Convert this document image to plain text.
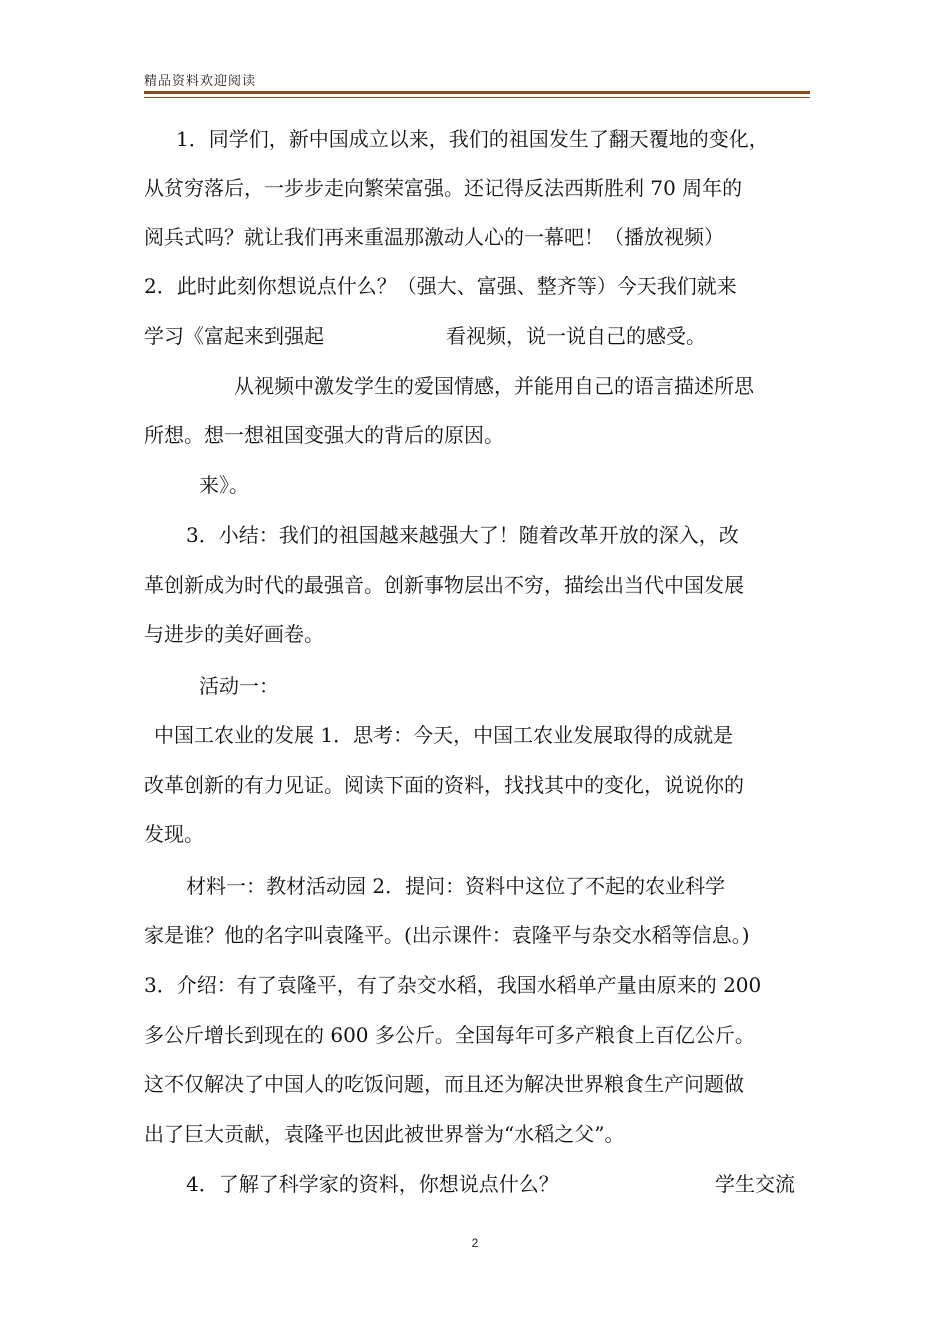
精品资料欢迎阅读
1．同学们，新中国成立以来，我们的祖国发生了翻天覆地的变化，
从贫穷落后，一步步走向繁荣富强。还记得反法西斯胜利 70 周年的
阅兵式吗？就让我们再来重温那激动人心的一幕吧！（播放视频）
2．此时此刻你想说点什么？（强大、富强、整齐等）今天我们就来
学习《富起来到强起	看视频，说一说自己的感受。
从视频中激发学生的爱国情感，并能用自己的语言描述所思
所想。想一想祖国变强大的背后的原因。
来》。
3．小结：我们的祖国越来越强大了！随着改革开放的深入，改
革创新成为时代的最强音。创新事物层出不穷，描绘出当代中国发展
与进步的美好画卷。
活动一：
中国工农业的发展 1．思考：今天，中国工农业发展取得的成就是
改革创新的有力见证。阅读下面的资料，找找其中的变化，说说你的
发现。
材料一：教材活动园 2．提问：资料中这位了不起的农业科学
家是谁？他的名字叫袁隆平。(出示课件：袁隆平与杂交水稻等信息。)
3．介绍：有了袁隆平，有了杂交水稻，我国水稻单产量由原来的 200
多公斤增长到现在的 600 多公斤。全国每年可多产粮食上百亿公斤。
这不仅解决了中国人的吃饭问题，而且还为解决世界粮食生产问题做
出了巨大贡献，袁隆平也因此被世界誉为“水稻之父”。
4．了解了科学家的资料，你想说点什么？	学生交流
2
